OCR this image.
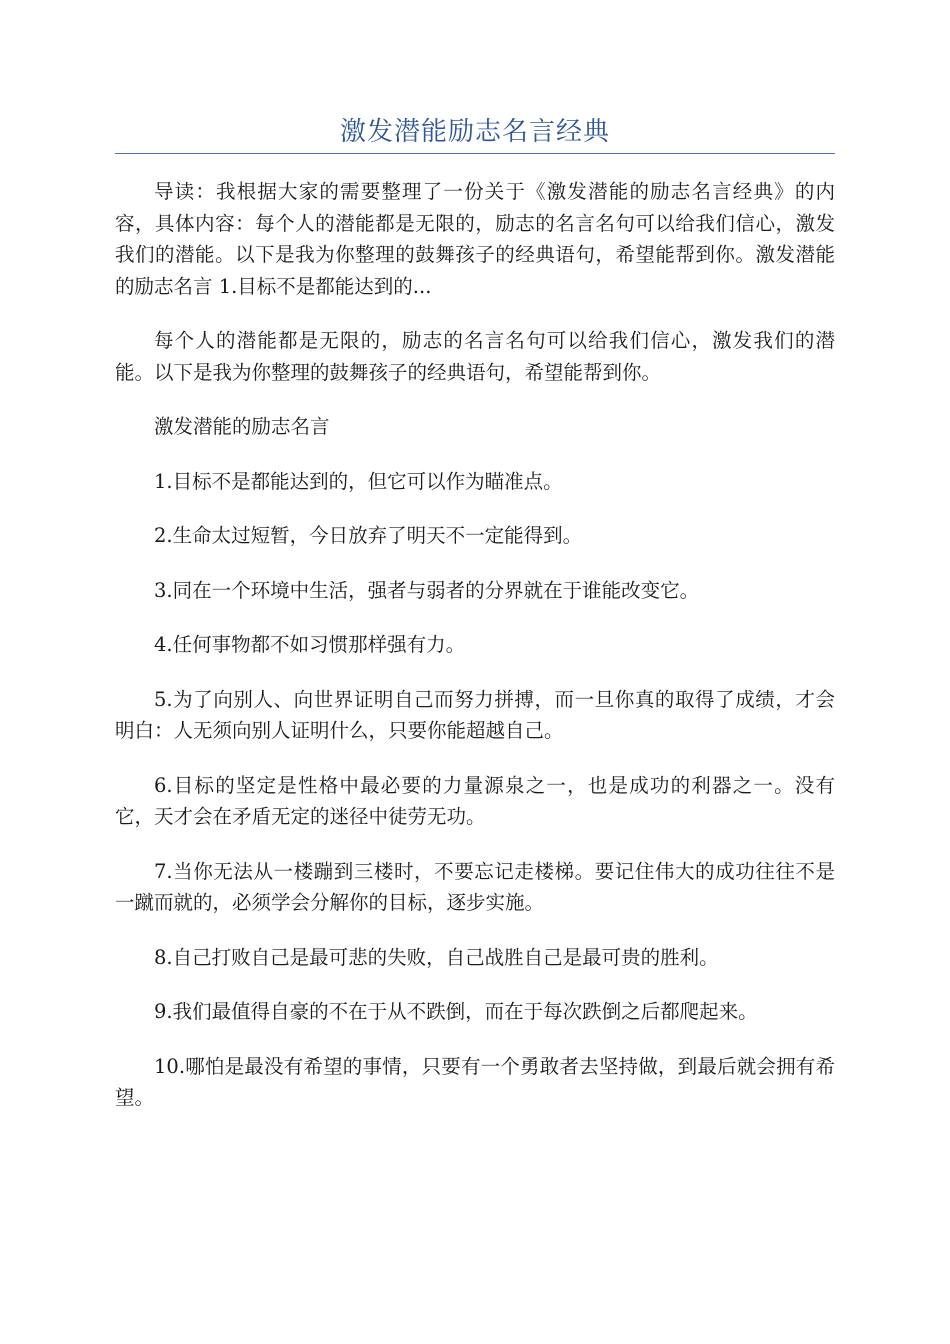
激发潜能励志名言经典

导读：我根据大家的需要整理了一份关于《激发潜能的励志名言经典》的内容，具体内容：每个人的潜能都是无限的，励志的名言名句可以给我们信心，激发我们的潜能。以下是我为你整理的鼓舞孩子的经典语句，希望能帮到你。激发潜能的励志名言 1.目标不是都能达到的...

每个人的潜能都是无限的，励志的名言名句可以给我们信心，激发我们的潜能。以下是我为你整理的鼓舞孩子的经典语句，希望能帮到你。

激发潜能的励志名言

1.目标不是都能达到的，但它可以作为瞄准点。

2.生命太过短暂，今日放弃了明天不一定能得到。

3.同在一个环境中生活，强者与弱者的分界就在于谁能改变它。

4.任何事物都不如习惯那样强有力。

5.为了向别人、向世界证明自己而努力拼搏，而一旦你真的取得了成绩，才会明白：人无须向别人证明什么，只要你能超越自己。

6.目标的坚定是性格中最必要的力量源泉之一，也是成功的利器之一。没有它，天才会在矛盾无定的迷径中徒劳无功。

7.当你无法从一楼蹦到三楼时，不要忘记走楼梯。要记住伟大的成功往往不是一蹴而就的，必须学会分解你的目标，逐步实施。

8.自己打败自己是最可悲的失败，自己战胜自己是最可贵的胜利。

9.我们最值得自豪的不在于从不跌倒，而在于每次跌倒之后都爬起来。

10.哪怕是最没有希望的事情，只要有一个勇敢者去坚持做，到最后就会拥有希望。
